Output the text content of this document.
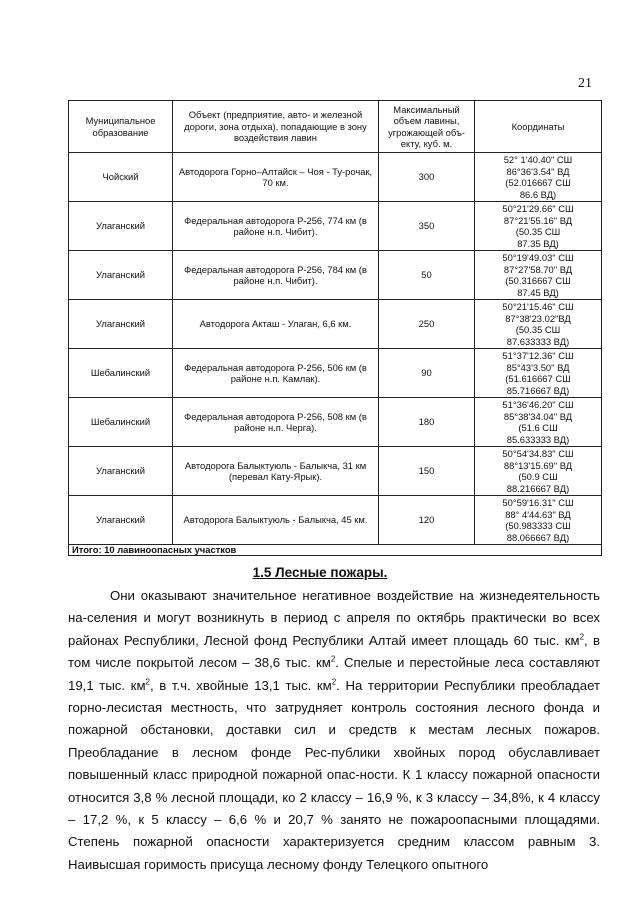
21
Муниципальное образование	Объект (предприятие, авто- и железной дороги, зона отдыха), попадающие в зону воздействия лавин	Максимальный объем лавины, угрожающей объ-екту, куб. м.	Координаты
Чойский	Автодорога Горно–Алтайск – Чоя - Ту-рочак, 70 км.	300	52° 1'40.40" СШ
86°36'3.54" ВД
(52.016667 СШ
86.6 ВД)

Улаганский	Федеральная автодорога Р-256, 774 км (в районе н.п. Чибит).	350	50°21'29.66" СШ
87°21'55.16" ВД
(50.35 СШ
87.35 ВД)

Улаганский	Федеральная автодорога Р-256, 784 км (в районе н.п. Чибит).	50	50°19'49.03" СШ
87°27'58.70" ВД
(50.316667 СШ
87.45 ВД)

Улаганский	Автодорога Акташ - Улаган, 6,6 км.	250	50°21'15.46" СШ
87°38'23.02"ВД
(50.35 СШ
87.633333 ВД)

Шебалинский	Федеральная автодорога Р-256, 506 км (в районе н.п. Камлак).	90	51°37'12.36" СШ
85°43'3.50" ВД
(51.616667 СШ
85.716667 ВД)

Шебалинский	Федеральная автодорога Р-256, 508 км (в районе н.п. Черга).	180	51°36'46.20" СШ
85°38'34.04" ВД
(51.6 СШ
85.633333 ВД)

Улаганский	Автодорога Балыктуюль - Балыкча, 31 км (перевал Кату-Ярык).	150	50°54'34.83" СШ
88°13'15.69" ВД
(50.9 СШ
88.216667 ВД)

Улаганский	Автодорога Балыктуюль - Балыкча, 45 км.	120	50°59'16.31" СШ
88° 4'44.63" ВД
(50.983333 СШ
88.066667 ВД)

Итого: 10 лавиноопасных участков			
1.5 Лесные пожары.

Они оказывают значительное негативное воздействие на жизнедеятельность на-селения и могут возникнуть в период с апреля по октябрь практически во всех районах Республики, Лесной фонд Республики Алтай имеет площадь 60 тыс. $км^2$, в том числе покрытой лесом – 38,6 тыс. $км^2$. Спелые и перестойные леса составляют 19,1 тыс. $км^2$, в т.ч. хвойные 13,1 тыс. $км^2$. На территории Республики преобладает горно-лесистая местность, что затрудняет контроль состояния лесного фонда и пожарной обстановки, доставки сил и средств к местам лесных пожаров. Преобладание в лесном фонде Рес-публики хвойных пород обуславливает повышенный класс природной пожарной опас-ности. К 1 классу пожарной опасности относится 3,8 % лесной площади, ко 2 классу – 16,9 %, к 3 классу – 34,8%, к 4 классу – 17,2 %, к 5 классу – 6,6 % и 20,7 % занято не пожароопасными площадями. Степень пожарной опасности характеризуется средним классом равным 3. Наивысшая горимость присуща лесному фонду Телецкого опытного
